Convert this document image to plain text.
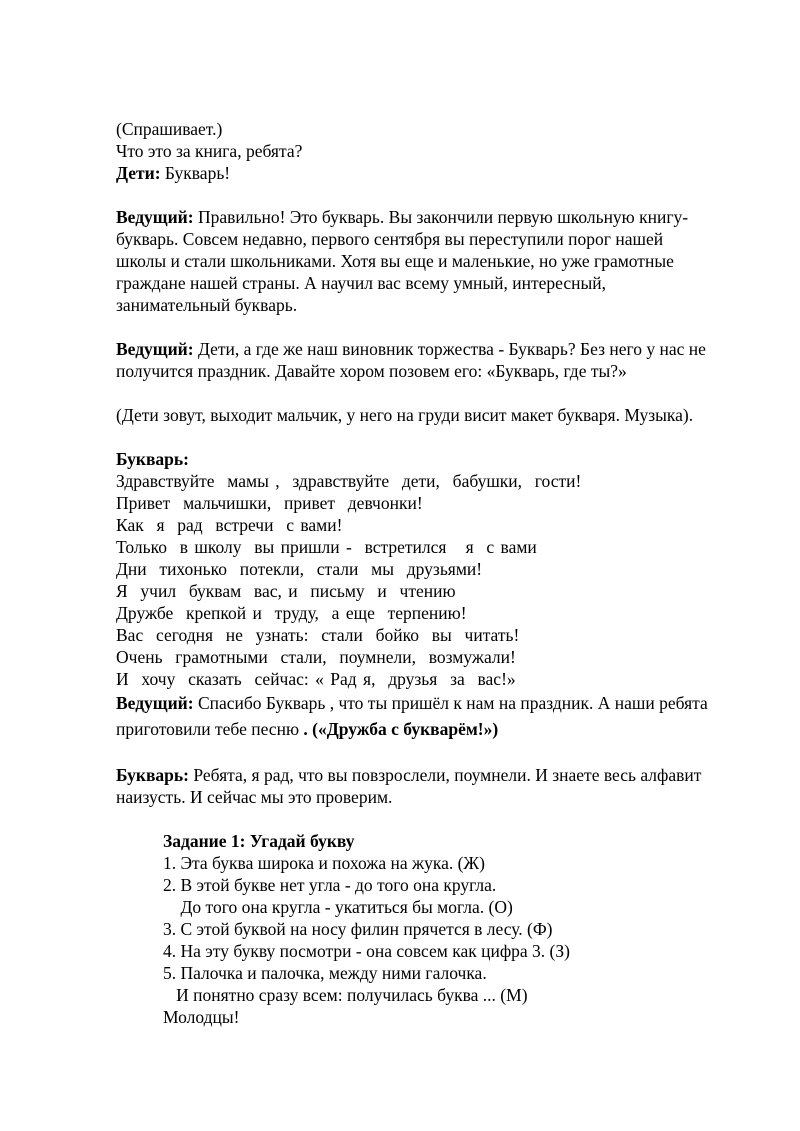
(Спрашивает.)
Что это за книга, ребята?
Дети: Букварь!
Ведущий: Правильно! Это букварь. Вы закончили первую школьную книгу-букварь. Совсем недавно, первого сентября вы переступили порог нашей школы и стали школьниками. Хотя вы еще и маленькие, но уже грамотные граждане нашей страны. А научил вас всему умный, интересный, занимательный букварь.
Ведущий: Дети, а где же наш виновник торжества - Букварь? Без него у нас не получится праздник. Давайте хором позовем его: «Букварь, где ты?»
(Дети зовут, выходит мальчик, у него на груди висит макет букваря. Музыка).
Букварь:
Здравствуйте  мамы ,  здравствуйте  дети,  бабушки,  гости!
Привет  мальчишки,  привет  девчонки!
Как  я  рад  встречи  с вами!
Только  в школу  вы пришли -  встретился   я  с вами
Дни  тихонько  потекли,  стали  мы  друзьями!
Я  учил  буквам  вас, и  письму  и  чтению
Дружбе  крепкой и  труду,  а еще  терпению!
Вас  сегодня  не  узнать:  стали  бойко  вы  читать!
Очень  грамотными  стали,  поумнели,  возмужали!
И  хочу  сказать  сейчас: « Рад я,  друзья  за  вас!»
Ведущий: Спасибо Букварь , что ты пришёл к нам на праздник. А наши ребята приготовили тебе песню . («Дружба с букварём!»)
Букварь: Ребята, я рад, что вы повзрослели, поумнели. И знаете весь алфавит наизусть. И сейчас мы это проверим.
Задание 1: Угадай букву
1. Эта буква широка и похожа на жука. (Ж)
2. В этой букве нет угла - до того она кругла.
До того она кругла - укатиться бы могла. (О)
3. С этой буквой на носу филин прячется в лесу. (Ф)
4. На эту букву посмотри - она совсем как цифра 3. (З)
5. Палочка и палочка, между ними галочка.
И понятно сразу всем: получилась буква ... (М)
Молодцы!
